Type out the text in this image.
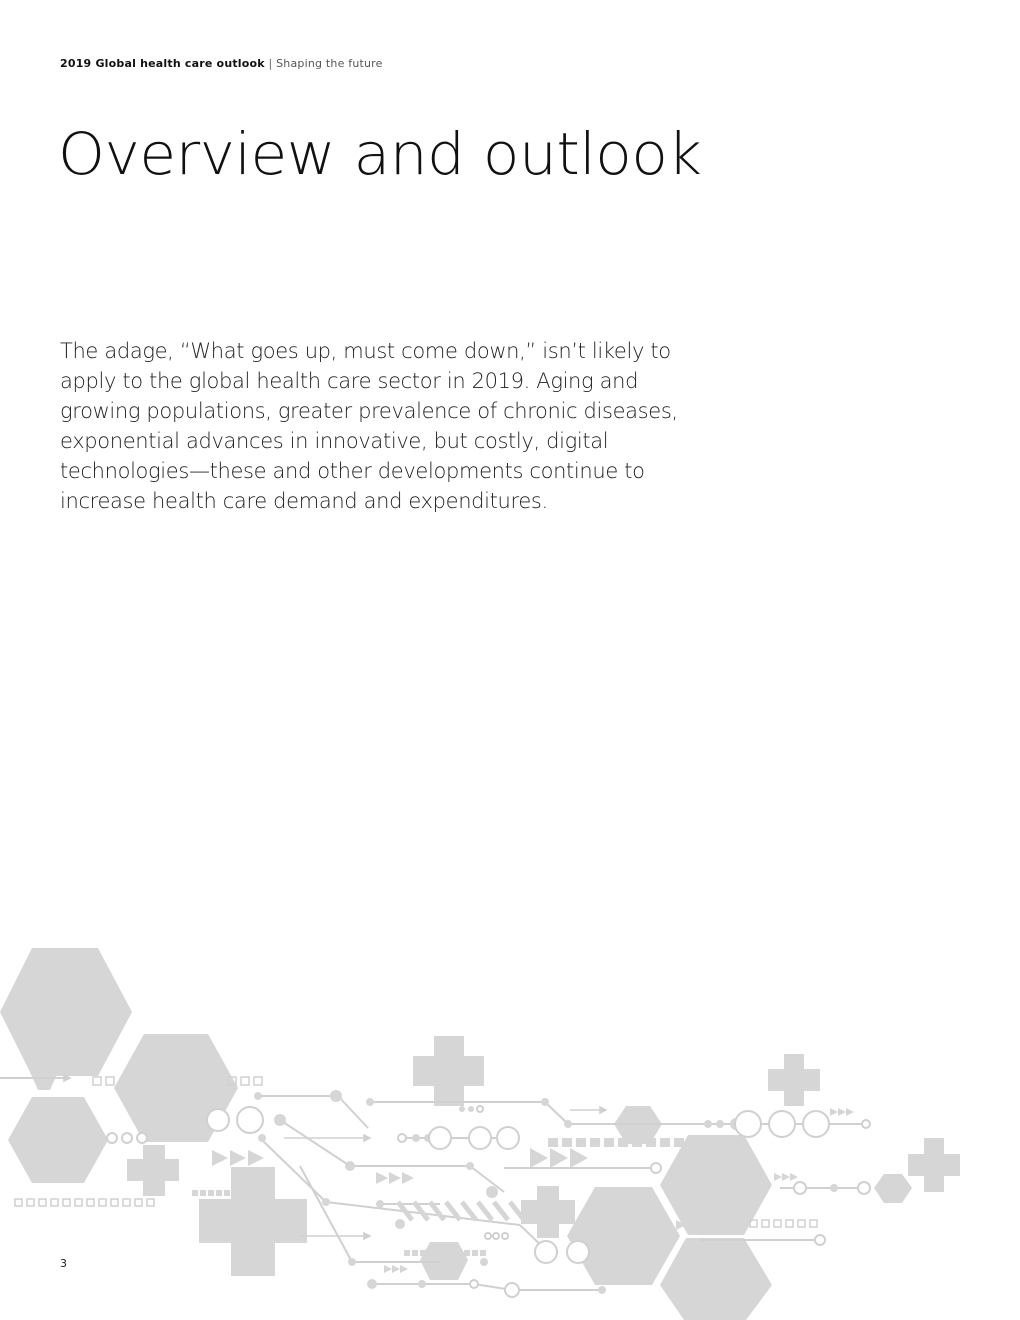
2019 Global health care outlook | Shaping the future
Overview and outlook

The adage, “What goes up, must come down,” isn’t likely to apply to the global health care sector in 2019. Aging and growing populations, greater prevalence of chronic diseases, exponential advances in innovative, but costly, digital technologies—these and other developments continue to increase health care demand and expenditures.

3
